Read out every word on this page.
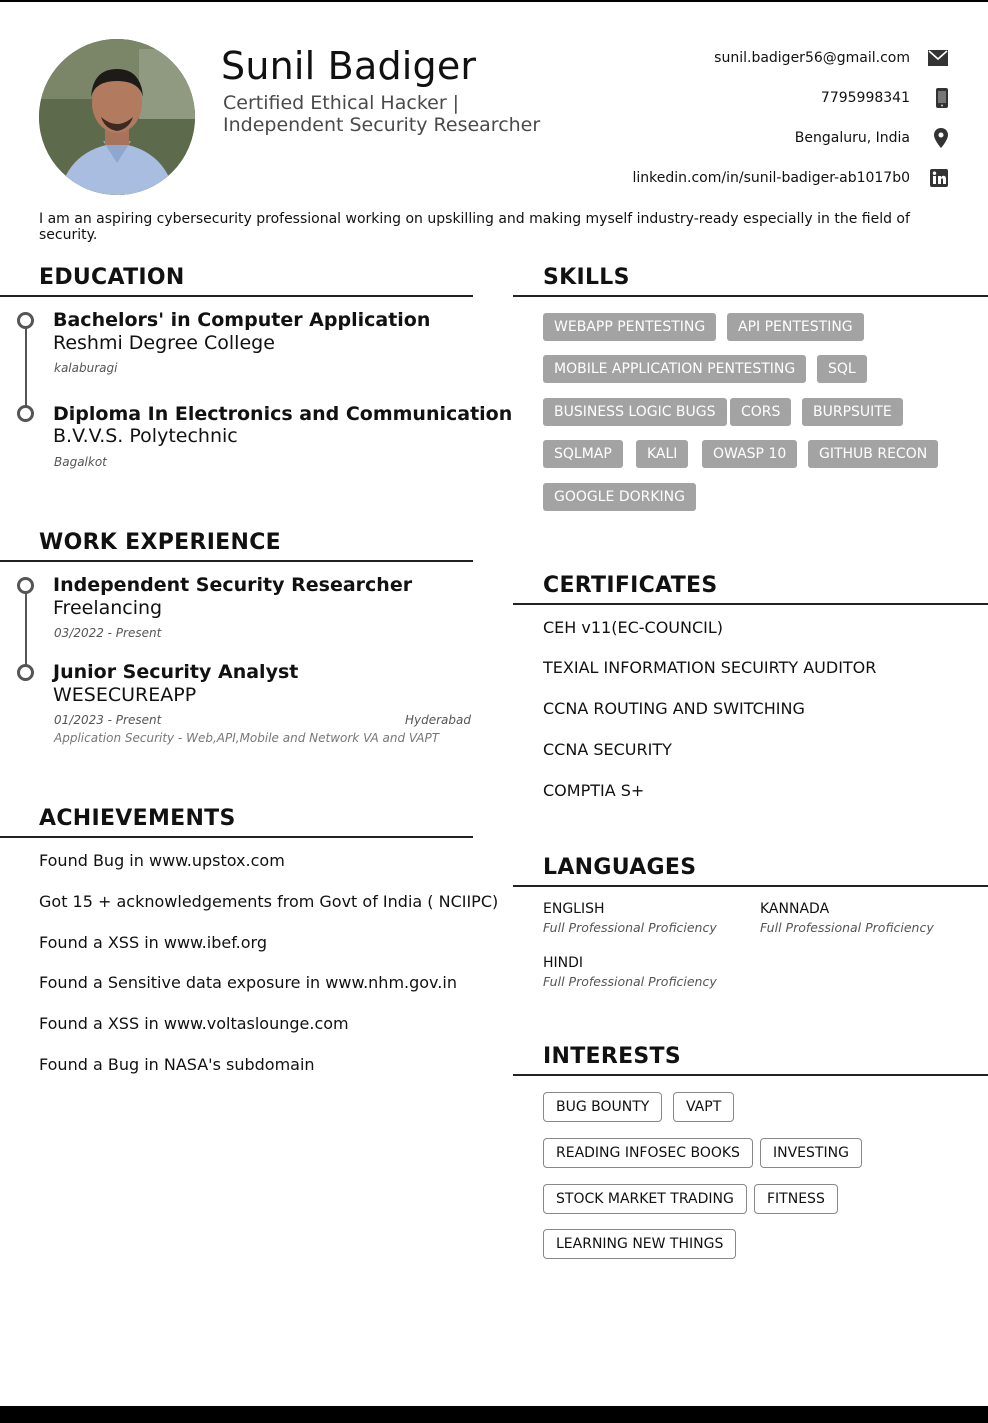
Sunil Badiger
Certified Ethical Hacker |
Independent Security Researcher
sunil.badiger56@gmail.com
7795998341
Bengaluru, India
linkedin.com/in/sunil-badiger-ab1017b0
I am an aspiring cybersecurity professional working on upskilling and making myself industry-ready especially in the field of security.
EDUCATION
Bachelors' in Computer Application
Reshmi Degree College
kalaburagi
Diploma In Electronics and Communication
B.V.V.S. Polytechnic
Bagalkot
WORK EXPERIENCE
Independent Security Researcher
Freelancing
03/2022 - Present
Junior Security Analyst
WESECUREAPP
01/2023 - Present	Hyderabad
Application Security - Web,API,Mobile and Network VA and VAPT
ACHIEVEMENTS
Found Bug in www.upstox.com
Got 15 + acknowledgements from Govt of India ( NCIIPC)
Found a XSS in www.ibef.org
Found a Sensitive data exposure in www.nhm.gov.in
Found a XSS in www.voltaslounge.com
Found a Bug in NASA's subdomain
SKILLS
WEBAPP PENTESTING	API PENTESTING
MOBILE APPLICATION PENTESTING	SQL
BUSINESS LOGIC BUGS	CORS	BURPSUITE
SQLMAP	KALI	OWASP 10	GITHUB RECON
GOOGLE DORKING
CERTIFICATES
CEH v11(EC-COUNCIL)
TEXIAL INFORMATION SECUIRTY AUDITOR
CCNA ROUTING AND SWITCHING
CCNA SECURITY
COMPTIA S+
LANGUAGES
ENGLISH
Full Professional Proficiency
KANNADA
Full Professional Proficiency
HINDI
Full Professional Proficiency
INTERESTS
BUG BOUNTY	VAPT
READING INFOSEC BOOKS	INVESTING
STOCK MARKET TRADING	FITNESS
LEARNING NEW THINGS
